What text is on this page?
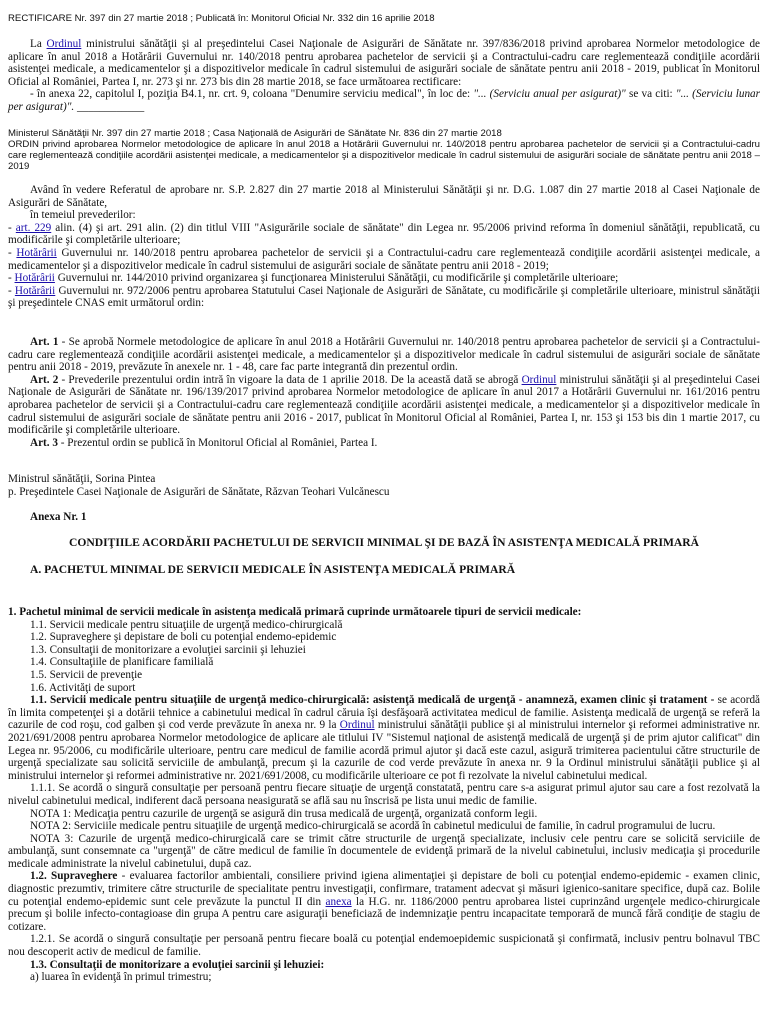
RECTIFICARE Nr. 397 din 27 martie 2018 ; Publicată în: Monitorul Oficial Nr. 332 din 16 aprilie 2018

La Ordinul ministrului sănătăţii şi al preşedintelui Casei Naţionale de Asigurări de Sănătate nr. 397/836/2018 privind aprobarea Normelor metodologice de aplicare în anul 2018 a Hotărârii Guvernului nr. 140/2018 pentru aprobarea pachetelor de servicii şi a Contractului-cadru care reglementează condiţiile acordării asistenţei medicale, a medicamentelor şi a dispozitivelor medicale în cadrul sistemului de asigurări sociale de sănătate pentru anii 2018 - 2019, publicat în Monitorul Oficial al României, Partea I, nr. 273 şi nr. 273 bis din 28 martie 2018, se face următoarea rectificare:

- în anexa 22, capitolul I, poziţia B4.1, nr. crt. 9, coloana "Denumire serviciu medical", în loc de: "... (Serviciu anual per asigurat)" se va citi: "... (Serviciu lunar per asigurat)". ____________

Ministerul Sănătăţii Nr. 397 din 27 martie 2018 ; Casa Naţională de Asigurări de Sănătate Nr. 836 din 27 martie 2018

ORDIN privind aprobarea Normelor metodologice de aplicare în anul 2018 a Hotărârii Guvernului nr. 140/2018 pentru aprobarea pachetelor de servicii şi a Contractului-cadru care reglementează condiţiile acordării asistenţei medicale, a medicamentelor şi a dispozitivelor medicale în cadrul sistemului de asigurări sociale de sănătate pentru anii 2018 – 2019

Având în vedere Referatul de aprobare nr. S.P. 2.827 din 27 martie 2018 al Ministerului Sănătăţii şi nr. D.G. 1.087 din 27 martie 2018 al Casei Naţionale de Asigurări de Sănătate,

în temeiul prevederilor:

- art. 229 alin. (4) şi art. 291 alin. (2) din titlul VIII "Asigurările sociale de sănătate" din Legea nr. 95/2006 privind reforma în domeniul sănătăţii, republicată, cu modificările şi completările ulterioare;

- Hotărârii Guvernului nr. 140/2018 pentru aprobarea pachetelor de servicii şi a Contractului-cadru care reglementează condiţiile acordării asistenţei medicale, a medicamentelor şi a dispozitivelor medicale în cadrul sistemului de asigurări sociale de sănătate pentru anii 2018 - 2019;

- Hotărârii Guvernului nr. 144/2010 privind organizarea şi funcţionarea Ministerului Sănătăţii, cu modificările şi completările ulterioare;

- Hotărârii Guvernului nr. 972/2006 pentru aprobarea Statutului Casei Naţionale de Asigurări de Sănătate, cu modificările şi completările ulterioare, ministrul sănătăţii şi preşedintele CNAS emit următorul ordin:

Art. 1 - Se aprobă Normele metodologice de aplicare în anul 2018 a Hotărârii Guvernului nr. 140/2018 pentru aprobarea pachetelor de servicii şi a Contractului-cadru care reglementează condiţiile acordării asistenţei medicale, a medicamentelor şi a dispozitivelor medicale în cadrul sistemului de asigurări sociale de sănătate pentru anii 2018 - 2019, prevăzute în anexele nr. 1 - 48, care fac parte integrantă din prezentul ordin.

Art. 2 - Prevederile prezentului ordin intră în vigoare la data de 1 aprilie 2018. De la această dată se abrogă Ordinul ministrului sănătăţii şi al preşedintelui Casei Naţionale de Asigurări de Sănătate nr. 196/139/2017 privind aprobarea Normelor metodologice de aplicare în anul 2017 a Hotărârii Guvernului nr. 161/2016 pentru aprobarea pachetelor de servicii şi a Contractului-cadru care reglementează condiţiile acordării asistenţei medicale, a medicamentelor şi a dispozitivelor medicale în cadrul sistemului de asigurări sociale de sănătate pentru anii 2016 - 2017, publicat în Monitorul Oficial al României, Partea I, nr. 153 şi 153 bis din 1 martie 2017, cu modificările şi completările ulterioare.

Art. 3 - Prezentul ordin se publică în Monitorul Oficial al României, Partea I.

Ministrul sănătăţii, Sorina Pintea

p. Preşedintele Casei Naţionale de Asigurări de Sănătate, Răzvan Teohari Vulcănescu

Anexa Nr. 1

CONDIŢIILE ACORDĂRII PACHETULUI DE SERVICII MINIMAL ŞI DE BAZĂ ÎN ASISTENŢA MEDICALĂ PRIMARĂ

A. PACHETUL MINIMAL DE SERVICII MEDICALE ÎN ASISTENŢA MEDICALĂ PRIMARĂ

1. Pachetul minimal de servicii medicale în asistenţa medicală primară cuprinde următoarele tipuri de servicii medicale:

1.1. Servicii medicale pentru situaţiile de urgenţă medico-chirurgicală

1.2. Supraveghere şi depistare de boli cu potenţial endemo-epidemic

1.3. Consultaţii de monitorizare a evoluţiei sarcinii şi lehuziei

1.4. Consultaţiile de planificare familială

1.5. Servicii de prevenţie

1.6. Activităţi de suport

1.1. Servicii medicale pentru situaţiile de urgenţă medico-chirurgicală: asistenţă medicală de urgenţă - anamneză, examen clinic şi tratament - se acordă în limita competenţei şi a dotării tehnice a cabinetului medical în cadrul căruia îşi desfăşoară activitatea medicul de familie. Asistenţa medicală de urgenţă se referă la cazurile de cod roşu, cod galben şi cod verde prevăzute în anexa nr. 9 la Ordinul ministrului sănătăţii publice şi al ministrului internelor şi reformei administrative nr. 2021/691/2008 pentru aprobarea Normelor metodologice de aplicare ale titlului IV "Sistemul naţional de asistenţă medicală de urgenţă şi de prim ajutor calificat" din Legea nr. 95/2006, cu modificările ulterioare, pentru care medicul de familie acordă primul ajutor şi dacă este cazul, asigură trimiterea pacientului către structurile de urgenţă specializate sau solicită serviciile de ambulanţă, precum şi la cazurile de cod verde prevăzute în anexa nr. 9 la Ordinul ministrului sănătăţii publice şi al ministrului internelor şi reformei administrative nr. 2021/691/2008, cu modificările ulterioare ce pot fi rezolvate la nivelul cabinetului medical.

1.1.1. Se acordă o singură consultaţie per persoană pentru fiecare situaţie de urgenţă constatată, pentru care s-a asigurat primul ajutor sau care a fost rezolvată la nivelul cabinetului medical, indiferent dacă persoana neasigurată se află sau nu înscrisă pe lista unui medic de familie.

NOTA 1: Medicaţia pentru cazurile de urgenţă se asigură din trusa medicală de urgenţă, organizată conform legii.

NOTA 2: Serviciile medicale pentru situaţiile de urgenţă medico-chirurgicală se acordă în cabinetul medicului de familie, în cadrul programului de lucru.

NOTA 3: Cazurile de urgenţă medico-chirurgicală care se trimit către structurile de urgenţă specializate, inclusiv cele pentru care se solicită serviciile de ambulanţă, sunt consemnate ca "urgenţă" de către medicul de familie în documentele de evidenţă primară de la nivelul cabinetului, inclusiv medicaţia şi procedurile medicale administrate la nivelul cabinetului, după caz.

1.2. Supraveghere - evaluarea factorilor ambientali, consiliere privind igiena alimentaţiei şi depistare de boli cu potenţial endemo-epidemic - examen clinic, diagnostic prezumtiv, trimitere către structurile de specialitate pentru investigaţii, confirmare, tratament adecvat şi măsuri igienico-sanitare specifice, după caz. Bolile cu potenţial endemo-epidemic sunt cele prevăzute la punctul II din anexa la H.G. nr. 1186/2000 pentru aprobarea listei cuprinzând urgenţele medico-chirurgicale precum şi bolile infecto-contagioase din grupa A pentru care asiguraţii beneficiază de indemnizaţie pentru incapacitate temporară de muncă fără condiţie de stagiu de cotizare.

1.2.1. Se acordă o singură consultaţie per persoană pentru fiecare boală cu potenţial endemoepidemic suspicionată şi confirmată, inclusiv pentru bolnavul TBC nou descoperit activ de medicul de familie.

1.3. Consultaţii de monitorizare a evoluţiei sarcinii şi lehuziei:

a) luarea în evidenţă în primul trimestru;
